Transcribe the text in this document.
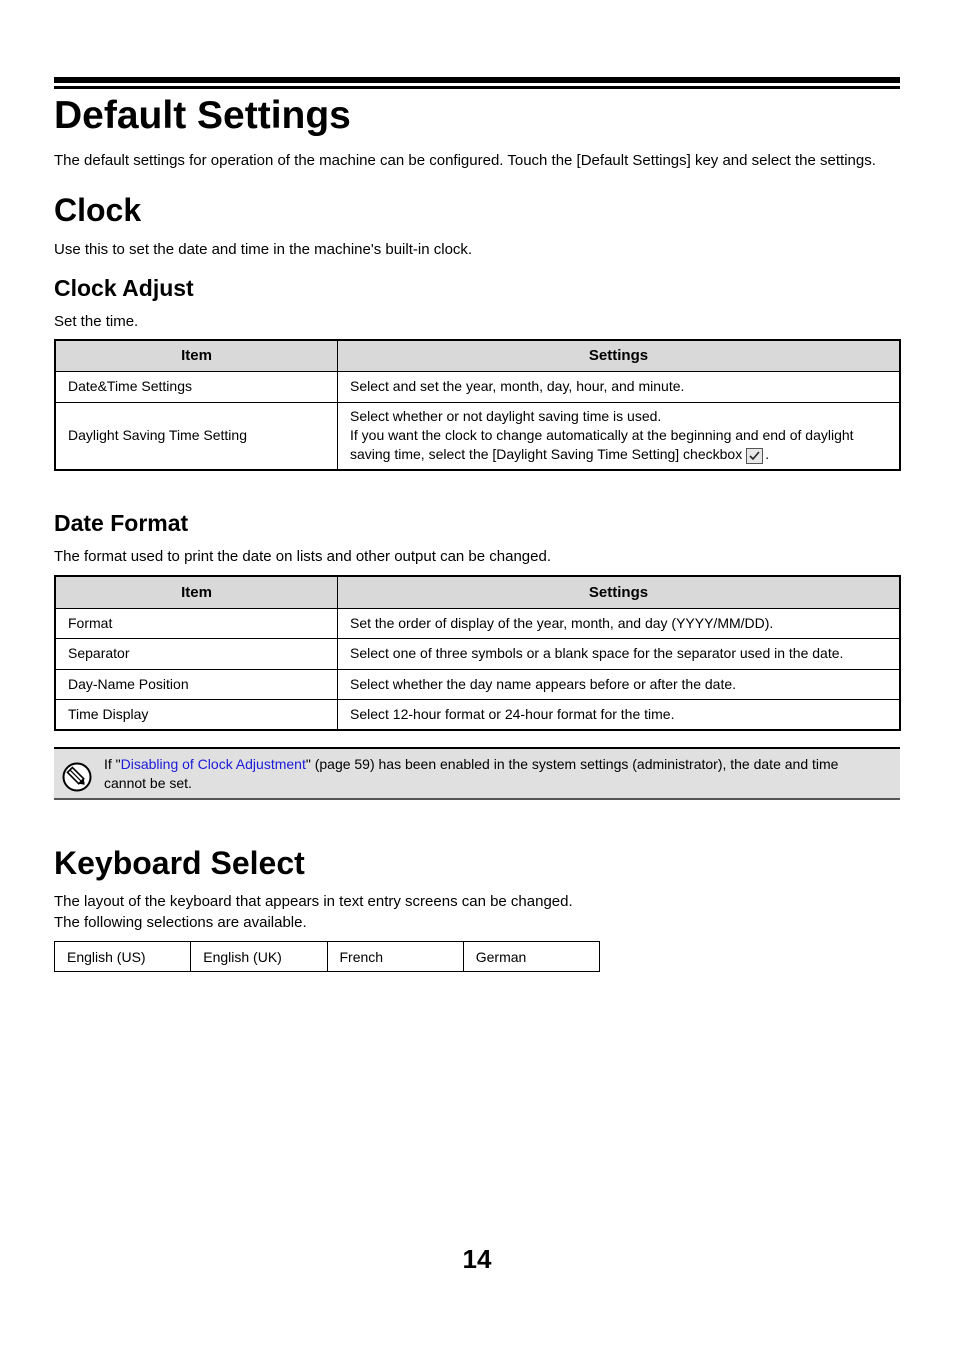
Default Settings

The default settings for operation of the machine can be configured. Touch the [Default Settings] key and select the settings.

Clock

Use this to set the date and time in the machine's built-in clock.

Clock Adjust

Set the time.

Item	Settings
Date&Time Settings	Select and set the year, month, day, hour, and minute.
Daylight Saving Time Setting	Select whether or not daylight saving time is used.
If you want the clock to change automatically at the beginning and end of daylight
saving time, select the [Daylight Saving Time Setting] checkbox .
Date Format

The format used to print the date on lists and other output can be changed.

Item	Settings
Format	Set the order of display of the year, month, and day (YYYY/MM/DD).
Separator	Select one of three symbols or a blank space for the separator used in the date.
Day-Name Position	Select whether the day name appears before or after the date.
Time Display	Select 12-hour format or 24-hour format for the time.
If "Disabling of Clock Adjustment" (page 59) has been enabled in the system settings (administrator), the date and time
cannot be set.
Keyboard Select

The layout of the keyboard that appears in text entry screens can be changed.

The following selections are available.

English (US)	English (UK)	French	German
14
